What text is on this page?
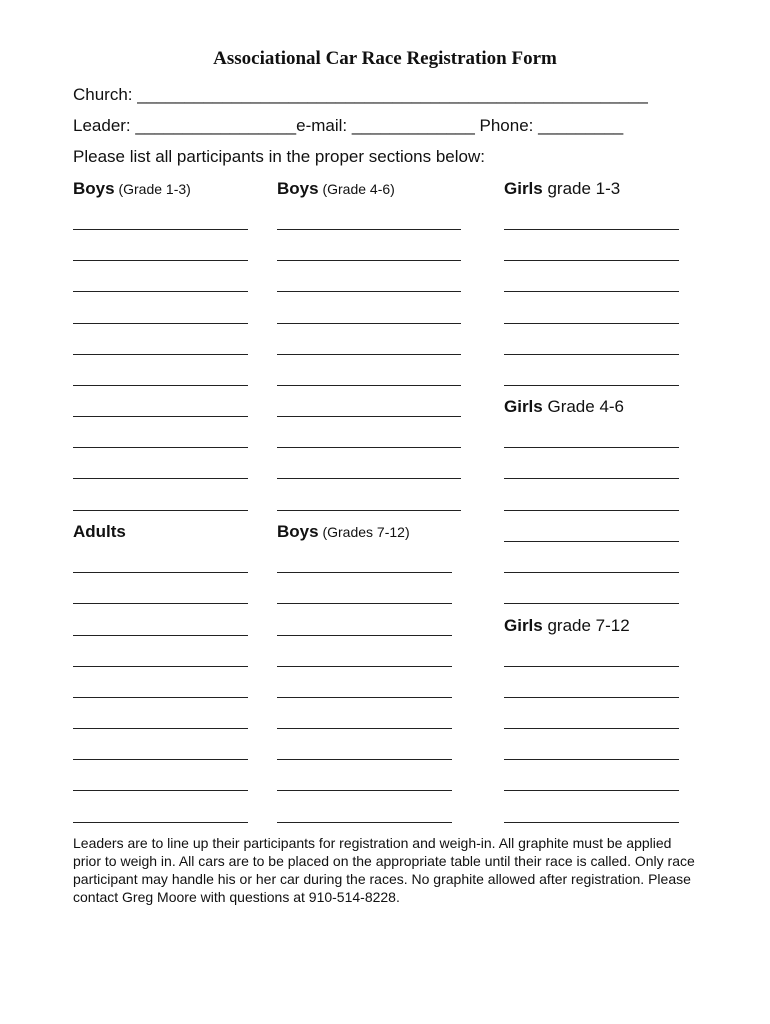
Associational Car Race Registration Form
Church: ______________________________________________________
Leader: _________________e-mail: _____________ Phone: _________
Please list all participants in the proper sections below:
Boys (Grade 1-3)	Boys (Grade 4-6)	Girls grade 1-3
Girls Grade 4-6
Adults	Boys (Grades 7-12)
Girls grade 7-12
Leaders are to line up their participants for registration and weigh-in. All graphite must be applied prior to weigh in. All cars are to be placed on the appropriate table until their race is called. Only race participant may handle his or her car during the races. No graphite allowed after registration. Please contact Greg Moore with questions at 910-514-8228.
